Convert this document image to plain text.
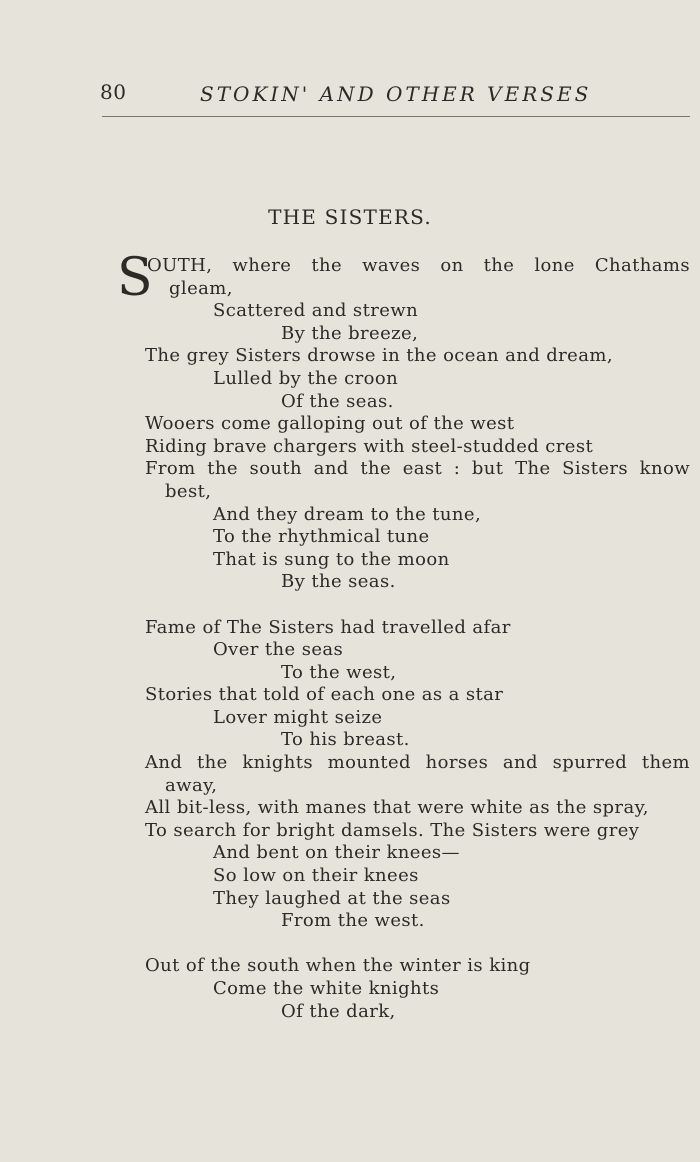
80	STOKIN' AND OTHER VERSES
THE SISTERS.
S
OUTH, where the waves on the lone Chathams
gleam,
Scattered and strewn
By the breeze,
The grey Sisters drowse in the ocean and dream,
Lulled by the croon
Of the seas.
Wooers come galloping out of the west
Riding brave chargers with steel-studded crest
From the south and the east : but The Sisters know
best,
And they dream to the tune,
To the rhythmical tune
That is sung to the moon
By the seas.
Fame of The Sisters had travelled afar
Over the seas
To the west,
Stories that told of each one as a star
Lover might seize
To his breast.
And the knights mounted horses and spurred them
away,
All bit-less, with manes that were white as the spray,
To search for bright damsels. The Sisters were grey
And bent on their knees—
So low on their knees
They laughed at the seas
From the west.
Out of the south when the winter is king
Come the white knights
Of the dark,
